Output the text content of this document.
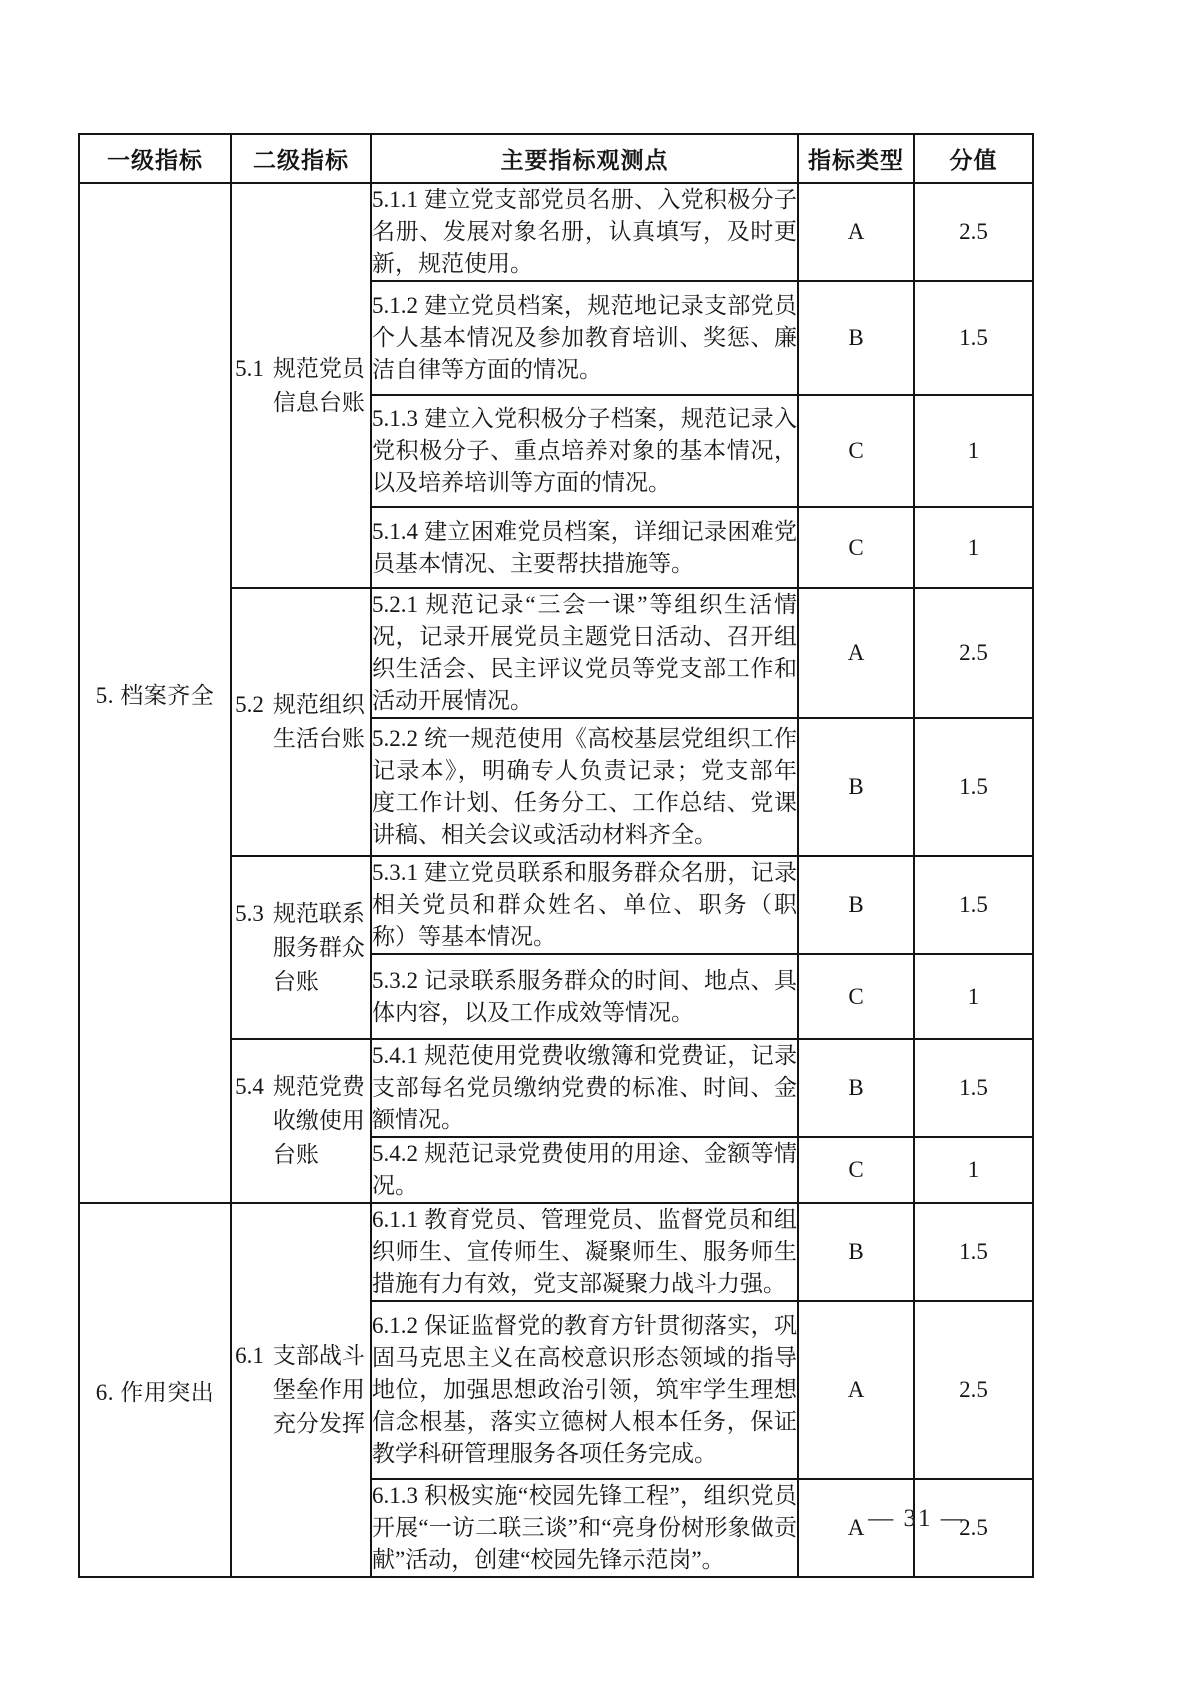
一级指标	二级指标	主要指标观测点	指标类型	分值
5. 档案齐全	5.1 规范党员信息台账	5.1.1 建立党支部党员名册、入党积极分子名册、发展对象名册，认真填写，及时更新，规范使用。	A	2.5

		5.1.2 建立党员档案，规范地记录支部党员个人基本情况及参加教育培训、奖惩、廉洁自律等方面的情况。	B	1.5

		5.1.3 建立入党积极分子档案，规范记录入党积极分子、重点培养对象的基本情况，以及培养培训等方面的情况。	C	1

		5.1.4 建立困难党员档案，详细记录困难党员基本情况、主要帮扶措施等。	C	1

	5.2 规范组织生活台账	5.2.1 规范记录“三会一课”等组织生活情况，记录开展党员主题党日活动、召开组织生活会、民主评议党员等党支部工作和活动开展情况。	A	2.5

		5.2.2 统一规范使用《高校基层党组织工作记录本》，明确专人负责记录；党支部年度工作计划、任务分工、工作总结、党课讲稿、相关会议或活动材料齐全。	B	1.5

	5.3 规范联系服务群众台账	5.3.1 建立党员联系和服务群众名册，记录相关党员和群众姓名、单位、职务（职称）等基本情况。	B	1.5

		5.3.2 记录联系服务群众的时间、地点、具体内容，以及工作成效等情况。	C	1

	5.4 规范党费收缴使用台账	5.4.1 规范使用党费收缴簿和党费证，记录支部每名党员缴纳党费的标准、时间、金额情况。	B	1.5

		5.4.2 规范记录党费使用的用途、金额等情况。	C	1
6. 作用突出	6.1 支部战斗堡垒作用充分发挥	6.1.1 教育党员、管理党员、监督党员和组织师生、宣传师生、凝聚师生、服务师生措施有力有效，党支部凝聚力战斗力强。	B	1.5

		6.1.2 保证监督党的教育方针贯彻落实，巩固马克思主义在高校意识形态领域的指导地位，加强思想政治引领，筑牢学生理想信念根基，落实立德树人根本任务，保证教学科研管理服务各项任务完成。	A	2.5

		6.1.3 积极实施“校园先锋工程”，组织党员开展“一访二联三谈”和“亮身份树形象做贡献”活动，创建“校园先锋示范岗”。	A	2.5
— 31 —
